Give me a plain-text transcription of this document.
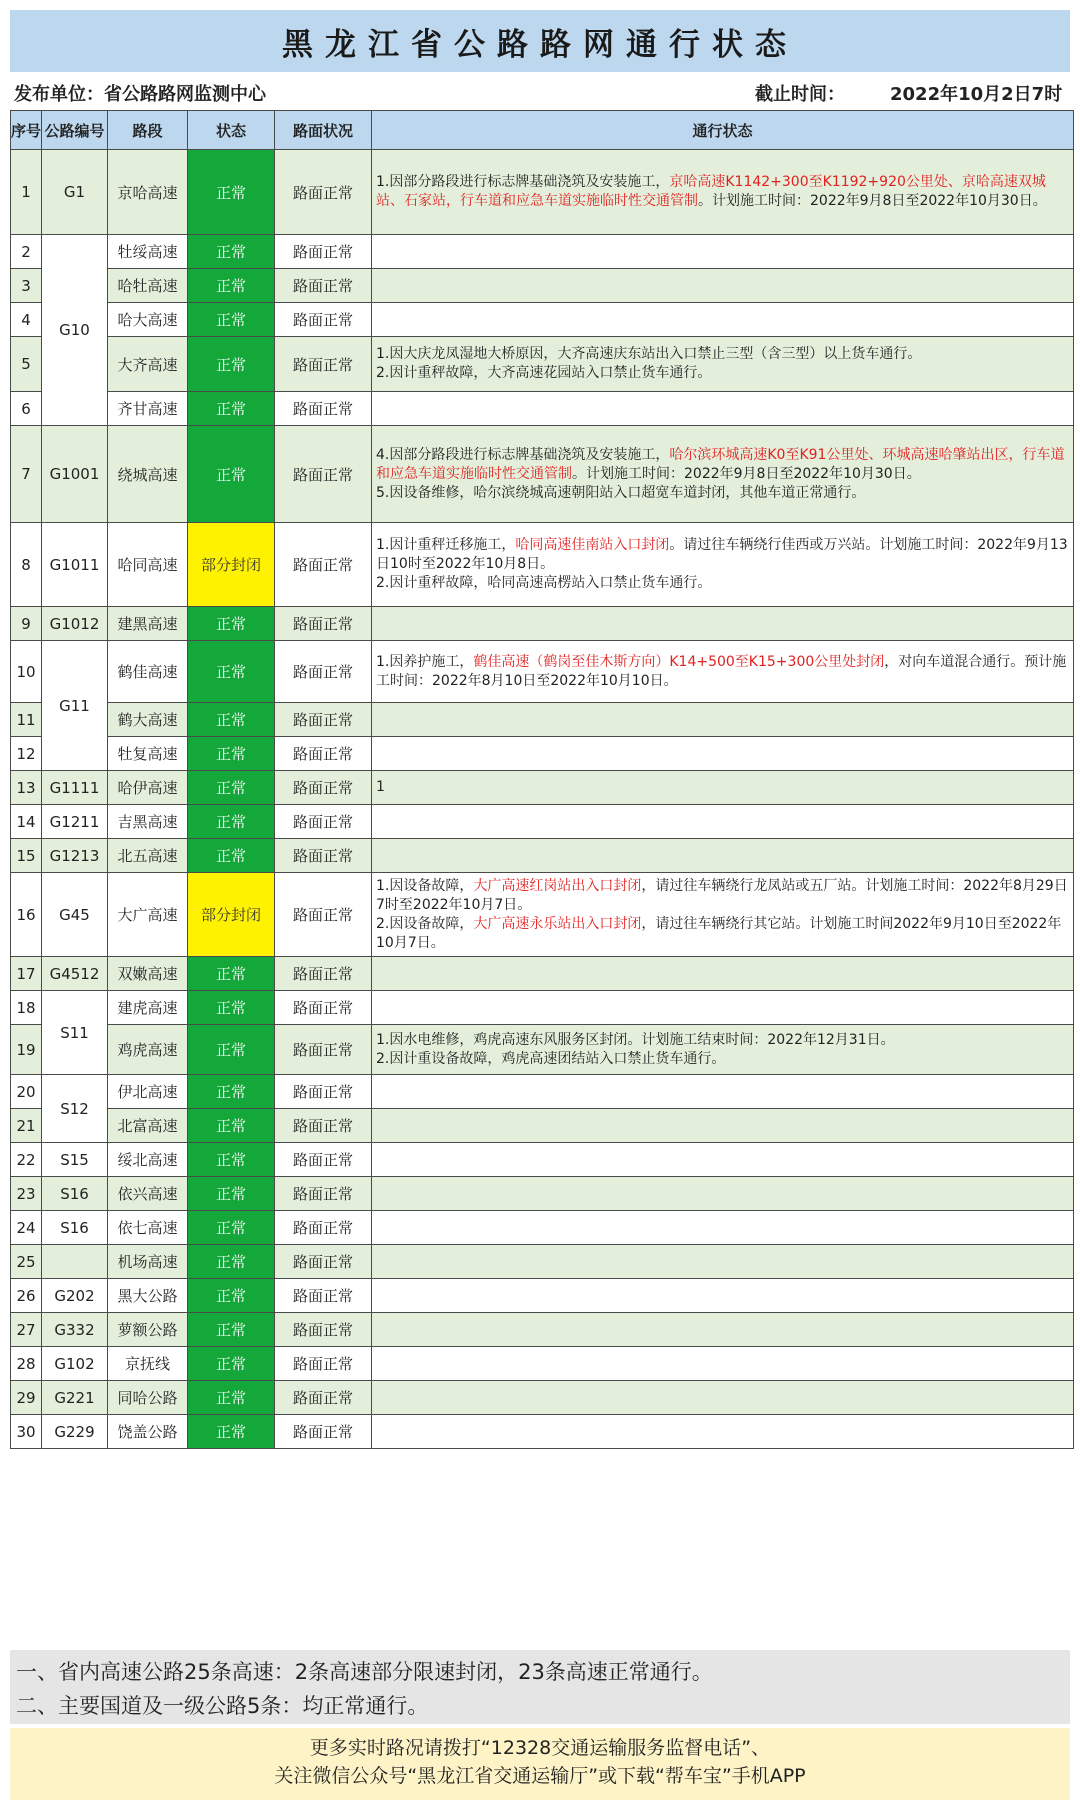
黑龙江省公路路网通行状态
发布单位：省公路路网监测中心	截止时间：	2022年10月2日7时
序号	公路编号	路段	状态	路面状况	通行状态
1	G1	京哈高速	正常	路面正常	1.因部分路段进行标志牌基础浇筑及安装施工，京哈高速K1142+300至K1192+920公里处、京哈高速双城站、石家站，行车道和应急车道实施临时性交通管制。计划施工时间：2022年9月8日至2022年10月30日。

2	G10	牡绥高速	正常	路面正常	
3		哈牡高速	正常	路面正常	
4		哈大高速	正常	路面正常	
5		大齐高速	正常	路面正常	1.因大庆龙凤湿地大桥原因，大齐高速庆东站出入口禁止三型（含三型）以上货车通行。
2.因计重秤故障，大齐高速花园站入口禁止货车通行。

6		齐甘高速	正常	路面正常	
7	G1001	绕城高速	正常	路面正常	4.因部分路段进行标志牌基础浇筑及安装施工，哈尔滨环城高速K0至K91公里处、环城高速哈肇站出区，行车道和应急车道实施临时性交通管制。计划施工时间：2022年9月8日至2022年10月30日。
5.因设备维修，哈尔滨绕城高速朝阳站入口超宽车道封闭，其他车道正常通行。

8	G1011	哈同高速	部分封闭	路面正常	1.因计重秤迁移施工，哈同高速佳南站入口封闭。请过往车辆绕行佳西或万兴站。计划施工时间：2022年9月13日10时至2022年10月8日。
2.因计重秤故障，哈同高速高楞站入口禁止货车通行。

9	G1012	建黑高速	正常	路面正常	
10	G11	鹤佳高速	正常	路面正常	1.因养护施工，鹤佳高速（鹤岗至佳木斯方向）K14+500至K15+300公里处封闭，对向车道混合通行。预计施工时间：2022年8月10日至2022年10月10日。

11		鹤大高速	正常	路面正常	
12		牡复高速	正常	路面正常	
13	G1111	哈伊高速	正常	路面正常	1

14	G1211	吉黑高速	正常	路面正常	
15	G1213	北五高速	正常	路面正常	
16	G45	大广高速	部分封闭	路面正常	1.因设备故障，大广高速红岗站出入口封闭，请过往车辆绕行龙凤站或五厂站。计划施工时间：2022年8月29日7时至2022年10月7日。
2.因设备故障，大广高速永乐站出入口封闭，请过往车辆绕行其它站。计划施工时间2022年9月10日至2022年10月7日。

17	G4512	双嫩高速	正常	路面正常	
18	S11	建虎高速	正常	路面正常	
19		鸡虎高速	正常	路面正常	1.因水电维修，鸡虎高速东风服务区封闭。计划施工结束时间：2022年12月31日。
2.因计重设备故障，鸡虎高速团结站入口禁止货车通行。

20	S12	伊北高速	正常	路面正常	
21		北富高速	正常	路面正常	
22	S15	绥北高速	正常	路面正常	
23	S16	依兴高速	正常	路面正常	
24	S16	依七高速	正常	路面正常	
25		机场高速	正常	路面正常	
26	G202	黑大公路	正常	路面正常	
27	G332	萝额公路	正常	路面正常	
28	G102	京抚线	正常	路面正常	
29	G221	同哈公路	正常	路面正常	
30	G229	饶盖公路	正常	路面正常	
一、省内高速公路25条高速：2条高速部分限速封闭，23条高速正常通行。
二、主要国道及一级公路5条：均正常通行。
更多实时路况请拨打“12328交通运输服务监督电话”、
关注微信公众号“黑龙江省交通运输厅”或下载“帮车宝”手机APP
